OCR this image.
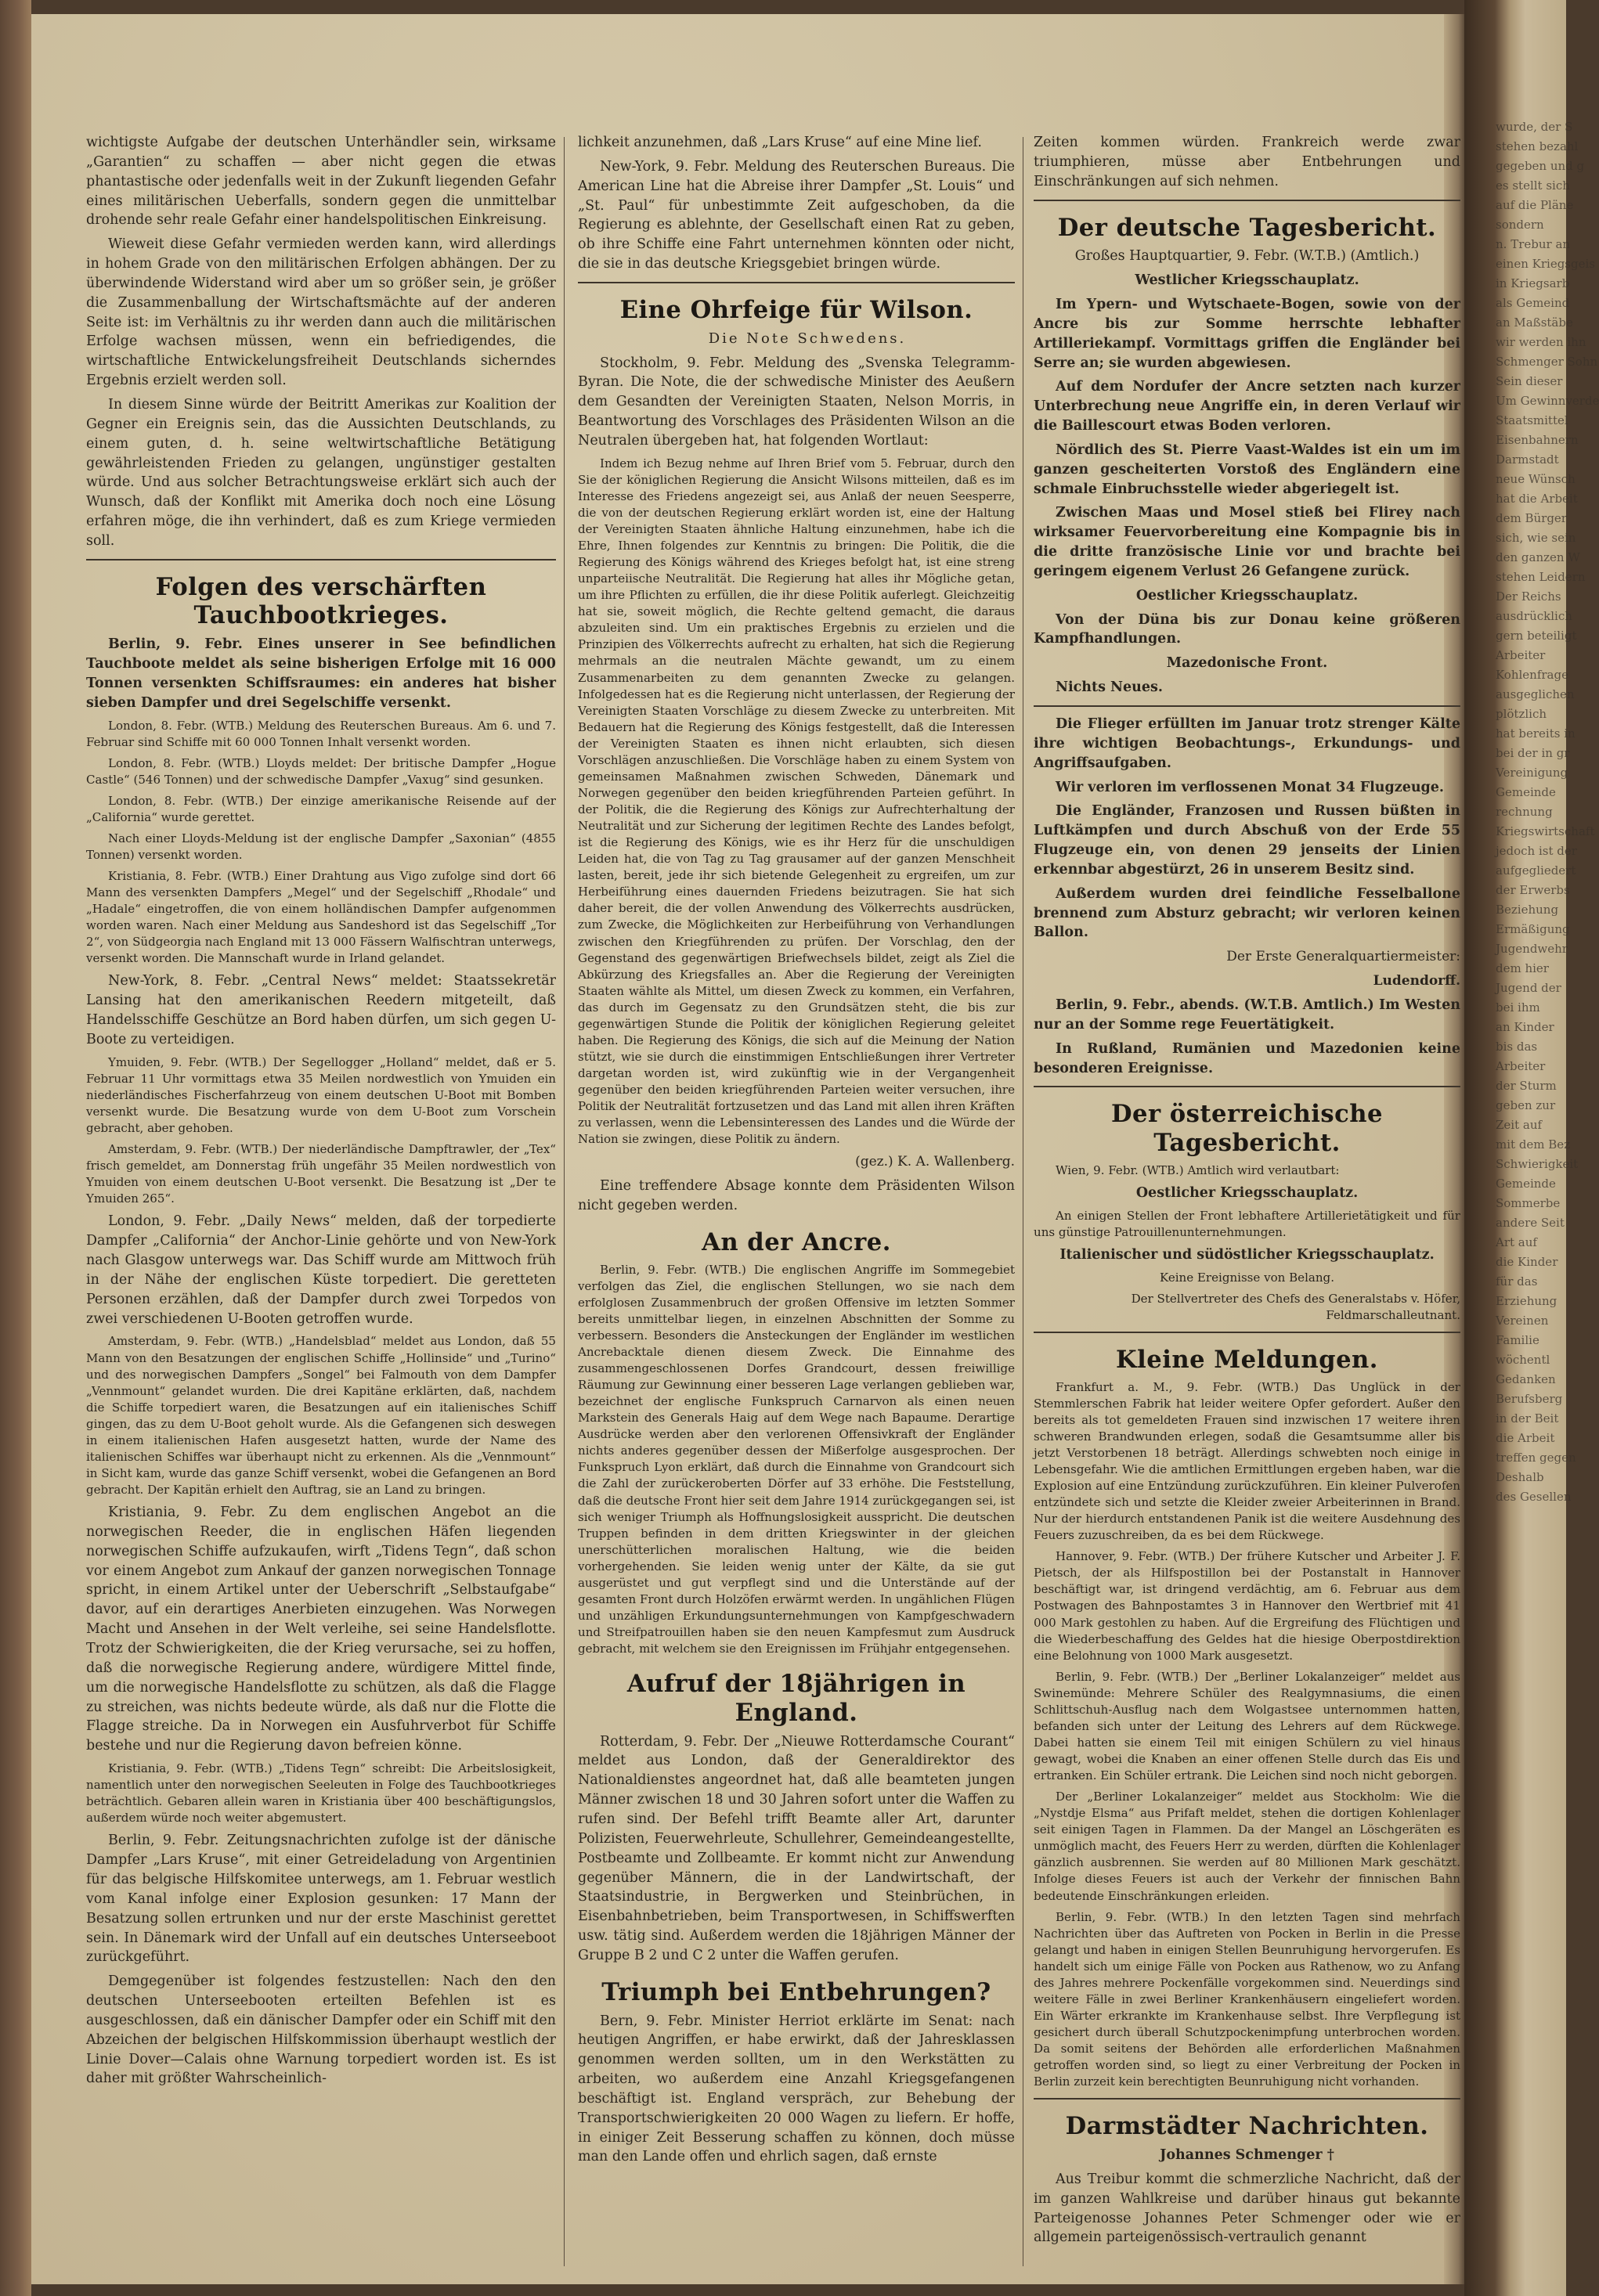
wichtigste Aufgabe der deutschen Unterhändler sein, wirksame „Garantien“ zu schaffen — aber nicht gegen die etwas phantastische oder jedenfalls weit in der Zukunft liegenden Gefahr eines militärischen Ueberfalls, sondern gegen die unmittelbar drohende sehr reale Gefahr einer handelspolitischen Einkreisung.

Wieweit diese Gefahr vermieden werden kann, wird allerdings in hohem Grade von den militärischen Erfolgen abhängen. Der zu überwindende Widerstand wird aber um so größer sein, je größer die Zusammenballung der Wirtschaftsmächte auf der anderen Seite ist: im Verhältnis zu ihr werden dann auch die militärischen Erfolge wachsen müssen, wenn ein befriedigendes, die wirtschaftliche Entwickelungsfreiheit Deutschlands sicherndes Ergebnis erzielt werden soll.

In diesem Sinne würde der Beitritt Amerikas zur Koalition der Gegner ein Ereignis sein, das die Aussichten Deutschlands, zu einem guten, d. h. seine weltwirtschaftliche Betätigung gewährleistenden Frieden zu gelangen, ungünstiger gestalten würde. Und aus solcher Betrachtungsweise erklärt sich auch der Wunsch, daß der Konflikt mit Amerika doch noch eine Lösung erfahren möge, die ihn verhindert, daß es zum Kriege vermieden soll.

Folgen des verschärften Tauchbootkrieges.

Berlin, 9. Febr. Eines unserer in See befindlichen Tauchboote meldet als seine bisherigen Erfolge mit 16 000 Tonnen versenkten Schiffsraumes: ein anderes hat bisher sieben Dampfer und drei Segelschiffe versenkt.

London, 8. Febr. (WTB.) Meldung des Reuterschen Bureaus. Am 6. und 7. Februar sind Schiffe mit 60 000 Tonnen Inhalt versenkt worden.

London, 8. Febr. (WTB.) Lloyds meldet: Der britische Dampfer „Hogue Castle“ (546 Tonnen) und der schwedische Dampfer „Vaxug“ sind gesunken.

London, 8. Febr. (WTB.) Der einzige amerikanische Reisende auf der „California“ wurde gerettet.

Nach einer Lloyds-Meldung ist der englische Dampfer „Saxonian“ (4855 Tonnen) versenkt worden.

Kristiania, 8. Febr. (WTB.) Einer Drahtung aus Vigo zufolge sind dort 66 Mann des versenkten Dampfers „Megel“ und der Segelschiff „Rhodale“ und „Hadale“ eingetroffen, die von einem holländischen Dampfer aufgenommen worden waren. Nach einer Meldung aus Sandeshord ist das Segelschiff „Tor 2“, von Südgeorgia nach England mit 13 000 Fässern Walfischtran unterwegs, versenkt worden. Die Mannschaft wurde in Irland gelandet.

New-York, 8. Febr. „Central News“ meldet: Staatssekretär Lansing hat den amerikanischen Reedern mitgeteilt, daß Handelsschiffe Geschütze an Bord haben dürfen, um sich gegen U-Boote zu verteidigen.

Ymuiden, 9. Febr. (WTB.) Der Segellogger „Holland“ meldet, daß er 5. Februar 11 Uhr vormittags etwa 35 Meilen nordwestlich von Ymuiden ein niederländisches Fischerfahrzeug von einem deutschen U-Boot mit Bomben versenkt wurde. Die Besatzung wurde von dem U-Boot zum Vorschein gebracht, aber gehoben.

Amsterdam, 9. Febr. (WTB.) Der niederländische Dampftrawler, der „Tex“ frisch gemeldet, am Donnerstag früh ungefähr 35 Meilen nordwestlich von Ymuiden von einem deutschen U-Boot versenkt. Die Besatzung ist „Der te Ymuiden 265“.

London, 9. Febr. „Daily News“ melden, daß der torpedierte Dampfer „California“ der Anchor-Linie gehörte und von New-York nach Glasgow unterwegs war. Das Schiff wurde am Mittwoch früh in der Nähe der englischen Küste torpediert. Die geretteten Personen erzählen, daß der Dampfer durch zwei Torpedos von zwei verschiedenen U-Booten getroffen wurde.

Amsterdam, 9. Febr. (WTB.) „Handelsblad“ meldet aus London, daß 55 Mann von den Besatzungen der englischen Schiffe „Hollinside“ und „Turino“ und des norwegischen Dampfers „Songel“ bei Falmouth von dem Dampfer „Vennmount“ gelandet wurden. Die drei Kapitäne erklärten, daß, nachdem die Schiffe torpediert waren, die Besatzungen auf ein italienisches Schiff gingen, das zu dem U-Boot geholt wurde. Als die Gefangenen sich deswegen in einem italienischen Hafen ausgesetzt hatten, wurde der Name des italienischen Schiffes war überhaupt nicht zu erkennen. Als die „Vennmount“ in Sicht kam, wurde das ganze Schiff versenkt, wobei die Gefangenen an Bord gebracht. Der Kapitän erhielt den Auftrag, sie an Land zu bringen.

Kristiania, 9. Febr. Zu dem englischen Angebot an die norwegischen Reeder, die in englischen Häfen liegenden norwegischen Schiffe aufzukaufen, wirft „Tidens Tegn“, daß schon vor einem Angebot zum Ankauf der ganzen norwegischen Tonnage spricht, in einem Artikel unter der Ueberschrift „Selbstaufgabe“ davor, auf ein derartiges Anerbieten einzugehen. Was Norwegen Macht und Ansehen in der Welt verleihe, sei seine Handelsflotte. Trotz der Schwierigkeiten, die der Krieg verursache, sei zu hoffen, daß die norwegische Regierung andere, würdigere Mittel finde, um die norwegische Handelsflotte zu schützen, als daß die Flagge zu streichen, was nichts bedeute würde, als daß nur die Flotte die Flagge streiche. Da in Norwegen ein Ausfuhrverbot für Schiffe bestehe und nur die Regierung davon befreien könne.

Kristiania, 9. Febr. (WTB.) „Tidens Tegn“ schreibt: Die Arbeitslosigkeit, namentlich unter den norwegischen Seeleuten in Folge des Tauchbootkrieges beträchtlich. Gebaren allein waren in Kristiania über 400 beschäftigungslos, außerdem würde noch weiter abgemustert.

Berlin, 9. Febr. Zeitungsnachrichten zufolge ist der dänische Dampfer „Lars Kruse“, mit einer Getreideladung von Argentinien für das belgische Hilfskomitee unterwegs, am 1. Februar westlich vom Kanal infolge einer Explosion gesunken: 17 Mann der Besatzung sollen ertrunken und nur der erste Maschinist gerettet sein. In Dänemark wird der Unfall auf ein deutsches Unterseeboot zurückgeführt.

Demgegenüber ist folgendes festzustellen: Nach den den deutschen Unterseebooten erteilten Befehlen ist es ausgeschlossen, daß ein dänischer Dampfer oder ein Schiff mit den Abzeichen der belgischen Hilfskommission überhaupt westlich der Linie Dover—Calais ohne Warnung torpediert worden ist. Es ist daher mit größter Wahrscheinlich-

lichkeit anzunehmen, daß „Lars Kruse“ auf eine Mine lief.

New-York, 9. Febr. Meldung des Reuterschen Bureaus. Die American Line hat die Abreise ihrer Dampfer „St. Louis“ und „St. Paul“ für unbestimmte Zeit aufgeschoben, da die Regierung es ablehnte, der Gesellschaft einen Rat zu geben, ob ihre Schiffe eine Fahrt unternehmen könnten oder nicht, die sie in das deutsche Kriegsgebiet bringen würde.

Eine Ohrfeige für Wilson.

Die Note Schwedens.

Stockholm, 9. Febr. Meldung des „Svenska Telegramm-Byran. Die Note, die der schwedische Minister des Aeußern dem Gesandten der Vereinigten Staaten, Nelson Morris, in Beantwortung des Vorschlages des Präsidenten Wilson an die Neutralen übergeben hat, hat folgenden Wortlaut:

Indem ich Bezug nehme auf Ihren Brief vom 5. Februar, durch den Sie der königlichen Regierung die Ansicht Wilsons mitteilen, daß es im Interesse des Friedens angezeigt sei, aus Anlaß der neuen Seesperre, die von der deutschen Regierung erklärt worden ist, eine der Haltung der Vereinigten Staaten ähnliche Haltung einzunehmen, habe ich die Ehre, Ihnen folgendes zur Kenntnis zu bringen: Die Politik, die die Regierung des Königs während des Krieges befolgt hat, ist eine streng unparteiische Neutralität. Die Regierung hat alles ihr Mögliche getan, um ihre Pflichten zu erfüllen, die ihr diese Politik auferlegt. Gleichzeitig hat sie, soweit möglich, die Rechte geltend gemacht, die daraus abzuleiten sind. Um ein praktisches Ergebnis zu erzielen und die Prinzipien des Völkerrechts aufrecht zu erhalten, hat sich die Regierung mehrmals an die neutralen Mächte gewandt, um zu einem Zusammenarbeiten zu dem genannten Zwecke zu gelangen. Infolgedessen hat es die Regierung nicht unterlassen, der Regierung der Vereinigten Staaten Vorschläge zu diesem Zwecke zu unterbreiten. Mit Bedauern hat die Regierung des Königs festgestellt, daß die Interessen der Vereinigten Staaten es ihnen nicht erlaubten, sich diesen Vorschlägen anzuschließen. Die Vorschläge haben zu einem System von gemeinsamen Maßnahmen zwischen Schweden, Dänemark und Norwegen gegenüber den beiden kriegführenden Parteien geführt. In der Politik, die die Regierung des Königs zur Aufrechterhaltung der Neutralität und zur Sicherung der legitimen Rechte des Landes befolgt, ist die Regierung des Königs, wie es ihr Herz für die unschuldigen Leiden hat, die von Tag zu Tag grausamer auf der ganzen Menschheit lasten, bereit, jede ihr sich bietende Gelegenheit zu ergreifen, um zur Herbeiführung eines dauernden Friedens beizutragen. Sie hat sich daher bereit, die der vollen Anwendung des Völkerrechts ausdrücken, zum Zwecke, die Möglichkeiten zur Herbeiführung von Verhandlungen zwischen den Kriegführenden zu prüfen. Der Vorschlag, den der Gegenstand des gegenwärtigen Briefwechsels bildet, zeigt als Ziel die Abkürzung des Kriegsfalles an. Aber die Regierung der Vereinigten Staaten wählte als Mittel, um diesen Zweck zu kommen, ein Verfahren, das durch im Gegensatz zu den Grundsätzen steht, die bis zur gegenwärtigen Stunde die Politik der königlichen Regierung geleitet haben. Die Regierung des Königs, die sich auf die Meinung der Nation stützt, wie sie durch die einstimmigen Entschließungen ihrer Vertreter dargetan worden ist, wird zukünftig wie in der Vergangenheit gegenüber den beiden kriegführenden Parteien weiter versuchen, ihre Politik der Neutralität fortzusetzen und das Land mit allen ihren Kräften zu verlassen, wenn die Lebensinteressen des Landes und die Würde der Nation sie zwingen, diese Politik zu ändern.

(gez.) K. A. Wallenberg.

Eine treffendere Absage konnte dem Präsidenten Wilson nicht gegeben werden.

An der Ancre.

Berlin, 9. Febr. (WTB.) Die englischen Angriffe im Sommegebiet verfolgen das Ziel, die englischen Stellungen, wo sie nach dem erfolglosen Zusammenbruch der großen Offensive im letzten Sommer bereits unmittelbar liegen, in einzelnen Abschnitten der Somme zu verbessern. Besonders die Ansteckungen der Engländer im westlichen Ancrebacktale dienen diesem Zweck. Die Einnahme des zusammengeschlossenen Dorfes Grandcourt, dessen freiwillige Räumung zur Gewinnung einer besseren Lage verlangen geblieben war, bezeichnet der englische Funkspruch Carnarvon als einen neuen Markstein des Generals Haig auf dem Wege nach Bapaume. Derartige Ausdrücke werden aber den verlorenen Offensivkraft der Engländer nichts anderes gegenüber dessen der Mißerfolge ausgesprochen. Der Funkspruch Lyon erklärt, daß durch die Einnahme von Grandcourt sich die Zahl der zurückeroberten Dörfer auf 33 erhöhe. Die Feststellung, daß die deutsche Front hier seit dem Jahre 1914 zurückgegangen sei, ist sich weniger Triumph als Hoffnungslosigkeit ausspricht. Die deutschen Truppen befinden in dem dritten Kriegswinter in der gleichen unerschütterlichen moralischen Haltung, wie die beiden vorhergehenden. Sie leiden wenig unter der Kälte, da sie gut ausgerüstet und gut verpflegt sind und die Unterstände auf der gesamten Front durch Holzöfen erwärmt werden. In ungählichen Flügen und unzähligen Erkundungsunternehmungen von Kampfgeschwadern und Streifpatrouillen haben sie den neuen Kampfesmut zum Ausdruck gebracht, mit welchem sie den Ereignissen im Frühjahr entgegensehen.

Aufruf der 18jährigen in England.

Rotterdam, 9. Febr. Der „Nieuwe Rotterdamsche Courant“ meldet aus London, daß der Generaldirektor des Nationaldienstes angeordnet hat, daß alle beamteten jungen Männer zwischen 18 und 30 Jahren sofort unter die Waffen zu rufen sind. Der Befehl trifft Beamte aller Art, darunter Polizisten, Feuerwehrleute, Schullehrer, Gemeindeangestellte, Postbeamte und Zollbeamte. Er kommt nicht zur Anwendung gegenüber Männern, die in der Landwirtschaft, der Staatsindustrie, in Bergwerken und Steinbrüchen, in Eisenbahnbetrieben, beim Transportwesen, in Schiffswerften usw. tätig sind. Außerdem werden die 18jährigen Männer der Gruppe B 2 und C 2 unter die Waffen gerufen.

Triumph bei Entbehrungen?

Bern, 9. Febr. Minister Herriot erklärte im Senat: nach heutigen Angriffen, er habe erwirkt, daß der Jahresklassen genommen werden sollten, um in den Werkstätten zu arbeiten, wo außerdem eine Anzahl Kriegsgefangenen beschäftigt ist. England verspräch, zur Behebung der Transportschwierigkeiten 20 000 Wagen zu liefern. Er hoffe, in einiger Zeit Besserung schaffen zu können, doch müsse man den Lande offen und ehrlich sagen, daß ernste

Zeiten kommen würden. Frankreich werde zwar triumphieren, müsse aber Entbehrungen und Einschränkungen auf sich nehmen.

Der deutsche Tagesbericht.

Großes Hauptquartier, 9. Febr. (W.T.B.) (Amtlich.)

Westlicher Kriegsschauplatz.

Im Ypern- und Wytschaete-Bogen, sowie von der Ancre bis zur Somme herrschte lebhafter Artilleriekampf. Vormittags griffen die Engländer bei Serre an; sie wurden abgewiesen.

Auf dem Nordufer der Ancre setzten nach kurzer Unterbrechung neue Angriffe ein, in deren Verlauf wir die Baillescourt etwas Boden verloren.

Nördlich des St. Pierre Vaast-Waldes ist ein um im ganzen gescheiterten Vorstoß des Engländern eine schmale Einbruchsstelle wieder abgeriegelt ist.

Zwischen Maas und Mosel stieß bei Flirey nach wirksamer Feuervorbereitung eine Kompagnie bis in die dritte französische Linie vor und brachte bei geringem eigenem Verlust 26 Gefangene zurück.

Oestlicher Kriegsschauplatz.

Von der Düna bis zur Donau keine größeren Kampfhandlungen.

Mazedonische Front.

Nichts Neues.

Die Flieger erfüllten im Januar trotz strenger Kälte ihre wichtigen Beobachtungs-, Erkundungs- und Angriffsaufgaben.

Wir verloren im verflossenen Monat 34 Flugzeuge.

Die Engländer, Franzosen und Russen büßten in Luftkämpfen und durch Abschuß von der Erde 55 Flugzeuge ein, von denen 29 jenseits der Linien erkennbar abgestürzt, 26 in unserem Besitz sind.

Außerdem wurden drei feindliche Fesselballone brennend zum Absturz gebracht; wir verloren keinen Ballon.

Der Erste Generalquartiermeister:

Ludendorff.

Berlin, 9. Febr., abends. (W.T.B. Amtlich.) Im Westen nur an der Somme rege Feuertätigkeit.

In Rußland, Rumänien und Mazedonien keine besonderen Ereignisse.

Der österreichische Tagesbericht.

Wien, 9. Febr. (WTB.) Amtlich wird verlautbart:

Oestlicher Kriegsschauplatz.

An einigen Stellen der Front lebhaftere Artillerietätigkeit und für uns günstige Patrouillenunternehmungen.

Italienischer und südöstlicher Kriegsschauplatz.

Keine Ereignisse von Belang.

Der Stellvertreter des Chefs des Generalstabs v. Höfer, Feldmarschalleutnant.

Kleine Meldungen.

Frankfurt a. M., 9. Febr. (WTB.) Das Unglück in der Stemmlerschen Fabrik hat leider weitere Opfer gefordert. Außer den bereits als tot gemeldeten Frauen sind inzwischen 17 weitere ihren schweren Brandwunden erlegen, sodaß die Gesamtsumme aller bis jetzt Verstorbenen 18 beträgt. Allerdings schwebten noch einige in Lebensgefahr. Wie die amtlichen Ermittlungen ergeben haben, war die Explosion auf eine Entzündung zurückzuführen. Ein kleiner Pulverofen entzündete sich und setzte die Kleider zweier Arbeiterinnen in Brand. Nur der hierdurch entstandenen Panik ist die weitere Ausdehnung des Feuers zuzuschreiben, da es bei dem Rückwege.

Hannover, 9. Febr. (WTB.) Der frühere Kutscher und Arbeiter J. F. Pietsch, der als Hilfspostillon bei der Postanstalt in Hannover beschäftigt war, ist dringend verdächtig, am 6. Februar aus dem Postwagen des Bahnpostamtes 3 in Hannover den Wertbrief mit 41 000 Mark gestohlen zu haben. Auf die Ergreifung des Flüchtigen und die Wiederbeschaffung des Geldes hat die hiesige Oberpostdirektion eine Belohnung von 1000 Mark ausgesetzt.

Berlin, 9. Febr. (WTB.) Der „Berliner Lokalanzeiger“ meldet aus Swinemünde: Mehrere Schüler des Realgymnasiums, die einen Schlittschuh-Ausflug nach dem Wolgastsee unternommen hatten, befanden sich unter der Leitung des Lehrers auf dem Rückwege. Dabei hatten sie einem Teil mit einigen Schülern zu viel hinaus gewagt, wobei die Knaben an einer offenen Stelle durch das Eis und ertranken. Ein Schüler ertrank. Die Leichen sind noch nicht geborgen.

Der „Berliner Lokalanzeiger“ meldet aus Stockholm: Wie die „Nystdje Elsma“ aus Prifaft meldet, stehen die dortigen Kohlenlager seit einigen Tagen in Flammen. Da der Mangel an Löschgeräten es unmöglich macht, des Feuers Herr zu werden, dürften die Kohlenlager gänzlich ausbrennen. Sie werden auf 80 Millionen Mark geschätzt. Infolge dieses Feuers ist auch der Verkehr der finnischen Bahn bedeutende Einschränkungen erleiden.

Berlin, 9. Febr. (WTB.) In den letzten Tagen sind mehrfach Nachrichten über das Auftreten von Pocken in Berlin in die Presse gelangt und haben in einigen Stellen Beunruhigung hervorgerufen. Es handelt sich um einige Fälle von Pocken aus Rathenow, wo zu Anfang des Jahres mehrere Pockenfälle vorgekommen sind. Neuerdings sind weitere Fälle in zwei Berliner Krankenhäusern eingeliefert worden. Ein Wärter erkrankte im Krankenhause selbst. Ihre Verpflegung ist gesichert durch überall Schutzpockenimpfung unterbrochen worden. Da somit seitens der Behörden alle erforderlichen Maßnahmen getroffen worden sind, so liegt zu einer Verbreitung der Pocken in Berlin zurzeit kein berechtigten Beunruhigung nicht vorhanden.

Darmstädter Nachrichten.

Johannes Schmenger †

Aus Treibur kommt die schmerzliche Nachricht, daß der im ganzen Wahlkreise und darüber hinaus gut bekannte Parteigenosse Johannes Peter Schmenger oder wie er allgemein parteigenössisch-vertraulich genannt

wurde, der S
stehen bezahl
gegeben und g
es stellt sich
auf die Pläne
sondern
n. Trebur an
einen Kriegsgeis
in Kriegsarb
als Gemeind
an Maßstäbe
wir werden ihn
Schmenger Sohn
Sein dieser
Um Gewinnverde
Staatsmittel
Eisenbahnern
Darmstadt
neue Wünsch
hat die Arbeit
dem Bürger
sich, wie sein
den ganzen W
stehen Leidern
Der Reichs
ausdrücklich
gern beteiligt
Arbeiter
Kohlenfrage
ausgeglichen
plötzlich
hat bereits in
bei der in gr
Vereinigung
Gemeinde
rechnung
Kriegswirtschaft
jedoch ist der
aufgegliedert
der Erwerbs
Beziehung
Ermäßigung
Jugendwehr
dem hier
Jugend der
bei ihm
an Kinder
bis das
Arbeiter
der Sturm
geben zur
Zeit auf
mit dem Bez
Schwierigkeit
Gemeinde
Sommerbe
andere Seit
Art auf
die Kinder
für das
Erziehung
Vereinen
Familie
wöchentl
Gedanken
Berufsberg
in der Beit
die Arbeit
treffen gegen
Deshalb
des Gesellen
